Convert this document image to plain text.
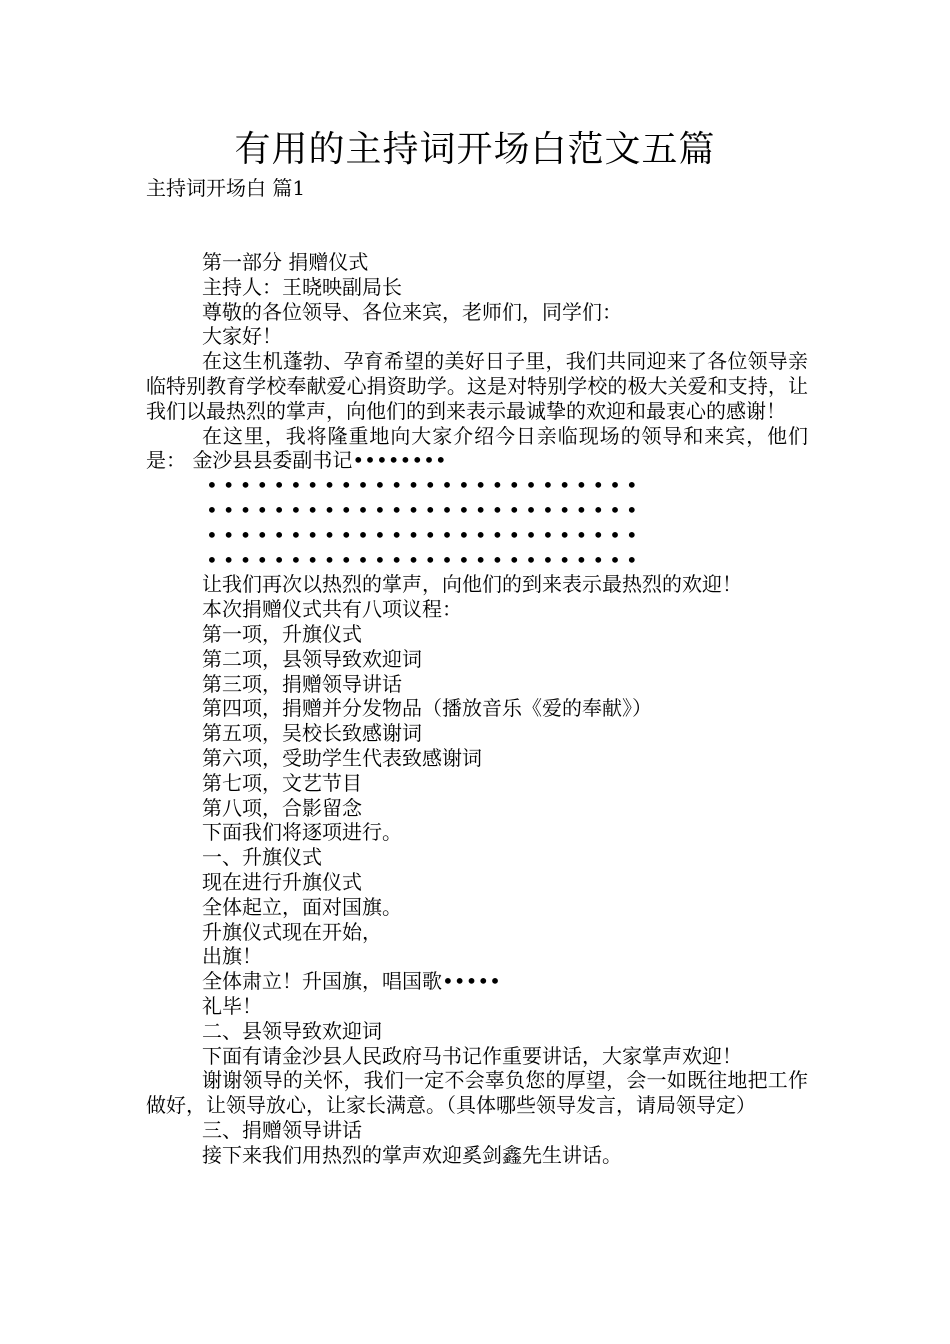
有用的主持词开场白范文五篇
主持词开场白 篇1

第一部分 捐赠仪式

主持人：王晓映副局长

尊敬的各位领导、各位来宾，老师们，同学们：

大家好！

在这生机蓬勃、孕育希望的美好日子里，我们共同迎来了各位领导亲临特别教育学校奉献爱心捐资助学。这是对特别学校的极大关爱和支持，让我们以最热烈的掌声，向他们的到来表示最诚挚的欢迎和最衷心的感谢！

在这里，我将隆重地向大家介绍今日亲临现场的领导和来宾，他们是： 金沙县县委副书记••••••••

••••••••••••••••••••••••••

••••••••••••••••••••••••••

••••••••••••••••••••••••••

••••••••••••••••••••••••••

让我们再次以热烈的掌声，向他们的到来表示最热烈的欢迎！

本次捐赠仪式共有八项议程：

第一项，升旗仪式

第二项，县领导致欢迎词

第三项，捐赠领导讲话

第四项，捐赠并分发物品（播放音乐《爱的奉献》）

第五项，吴校长致感谢词

第六项，受助学生代表致感谢词

第七项，文艺节目

第八项，合影留念

下面我们将逐项进行。

一、升旗仪式

现在进行升旗仪式

全体起立，面对国旗。

升旗仪式现在开始，

出旗！

全体肃立！升国旗，唱国歌•••••

礼毕！

二、县领导致欢迎词

下面有请金沙县人民政府马书记作重要讲话，大家掌声欢迎！

谢谢领导的关怀，我们一定不会辜负您的厚望，会一如既往地把工作做好，让领导放心，让家长满意。（具体哪些领导发言，请局领导定）

三、捐赠领导讲话

接下来我们用热烈的掌声欢迎奚剑鑫先生讲话。
